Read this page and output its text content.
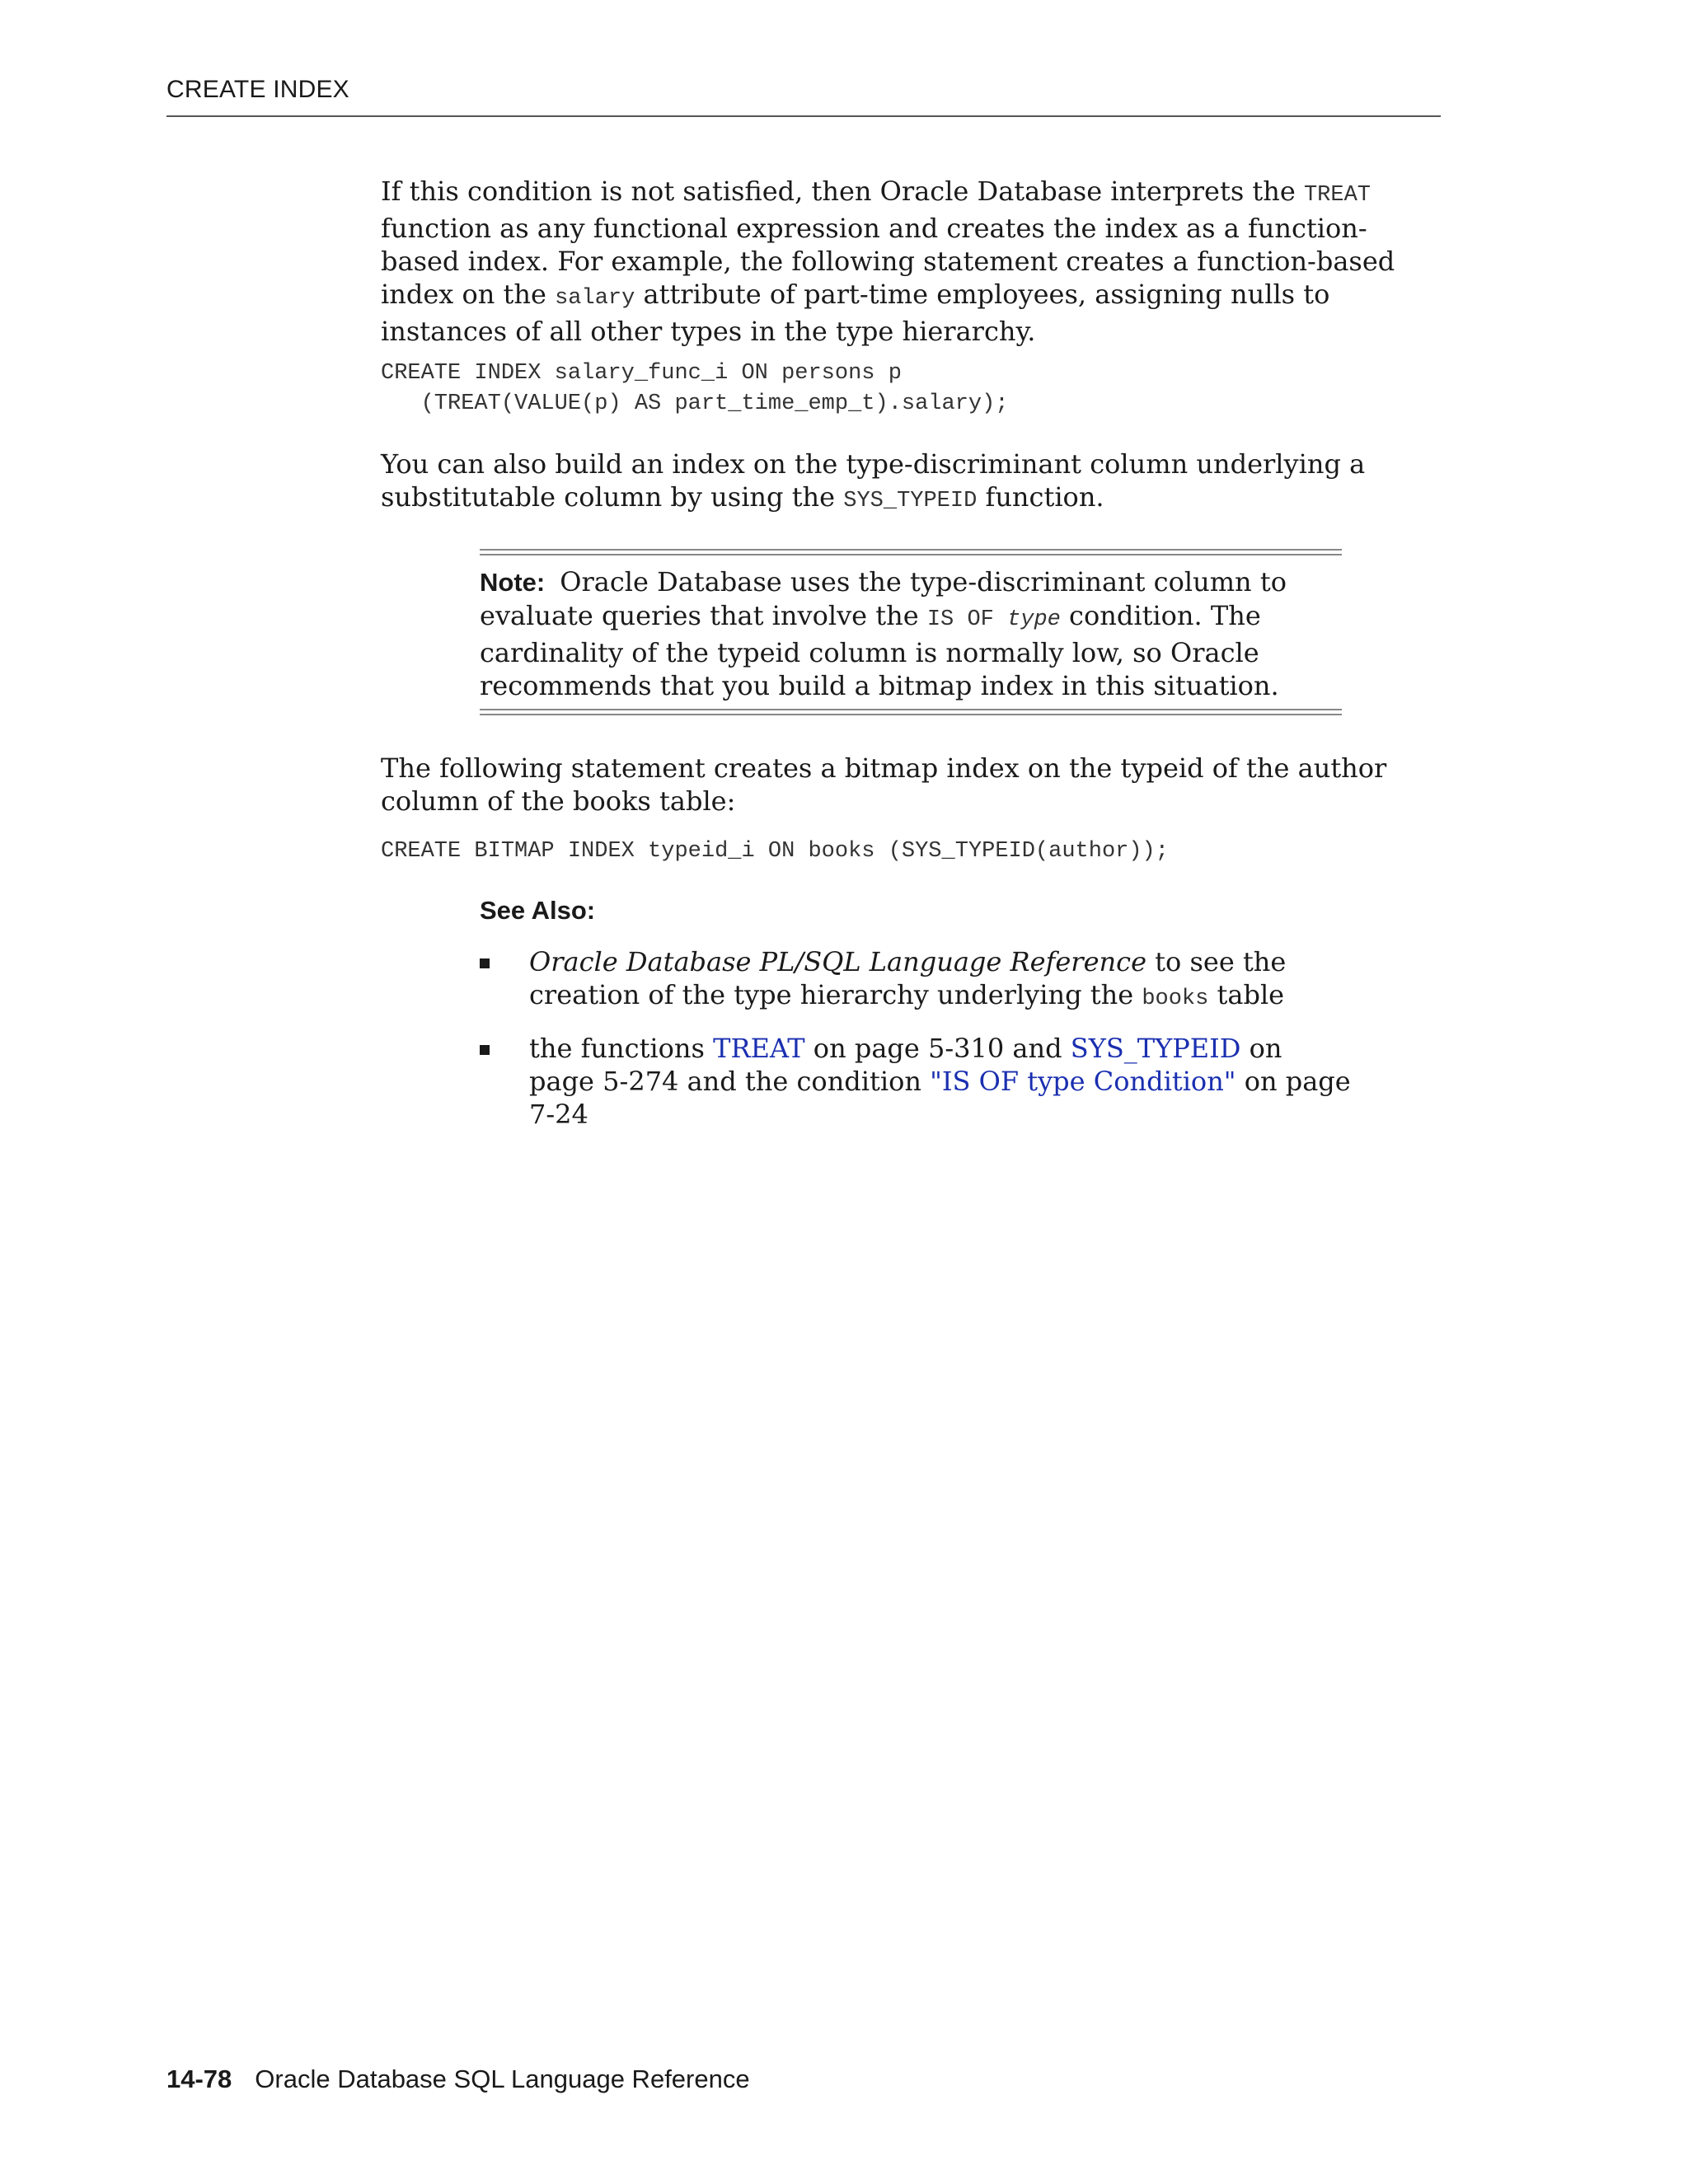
CREATE INDEX

If this condition is not satisfied, then Oracle Database interprets the TREAT function as any functional expression and creates the index as a function-based index. For example, the following statement creates a function-based index on the salary attribute of part-time employees, assigning nulls to instances of all other types in the type hierarchy.

CREATE INDEX salary_func_i ON persons p
(TREAT(VALUE(p) AS part_time_emp_t).salary);

You can also build an index on the type-discriminant column underlying a substitutable column by using the SYS_TYPEID function.

Note: Oracle Database uses the type-discriminant column to evaluate queries that involve the IS OF type condition. The cardinality of the typeid column is normally low, so Oracle recommends that you build a bitmap index in this situation.

The following statement creates a bitmap index on the typeid of the author column of the books table:

CREATE BITMAP INDEX typeid_i ON books (SYS_TYPEID(author));
See Also:
Oracle Database PL/SQL Language Reference to see the creation of the type hierarchy underlying the books table
the functions TREAT on page 5-310 and SYS_TYPEID on page 5-274 and the condition "IS OF type Condition" on page 7-24
14-78 Oracle Database SQL Language Reference
